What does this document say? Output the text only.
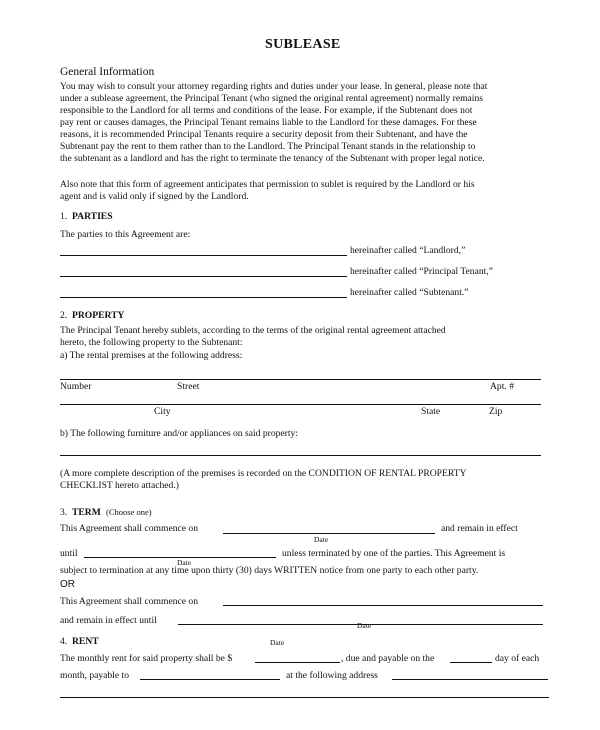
SUBLEASE
General Information
You may wish to consult your attorney regarding rights and duties under your lease. In general, please note that
under a sublease agreement, the Principal Tenant (who signed the original rental agreement) normally remains
responsible to the Landlord for all terms and conditions of the lease. For example, if the Subtenant does not
pay rent or causes damages, the Principal Tenant remains liable to the Landlord for these damages. For these
reasons, it is recommended Principal Tenants require a security deposit from their Subtenant, and have the
Subtenant pay the rent to them rather than to the Landlord. The Principal Tenant stands in the relationship to
the subtenant as a landlord and has the right to terminate the tenancy of the Subtenant with proper legal notice.
Also note that this form of agreement anticipates that permission to sublet is required by the Landlord or his
agent and is valid only if signed by the Landlord.
1. PARTIES
The parties to this Agreement are:
hereinafter called “Landlord,”
hereinafter called “Principal Tenant,”
hereinafter called “Subtenant.”
2. PROPERTY
The Principal Tenant hereby sublets, according to the terms of the original rental agreement attached
hereto, the following property to the Subtenant:
a) The rental premises at the following address:
Number	Street	Apt. #
City	State	Zip
b) The following furniture and/or appliances on said property:
(A more complete description of the premises is recorded on the CONDITION OF RENTAL PROPERTY
CHECKLIST hereto attached.)
3. TERM (Choose one)
This Agreement shall commence on
Date
and remain in effect
until
Date
unless terminated by one of the parties. This Agreement is
subject to termination at any time upon thirty (30) days WRITTEN notice from one party to each other party.
OR
This Agreement shall commence on
and remain in effect until	Date
4. RENT	Date
The monthly rent for said property shall be $	, due and payable on the	day of each
month, payable to	at the following address
